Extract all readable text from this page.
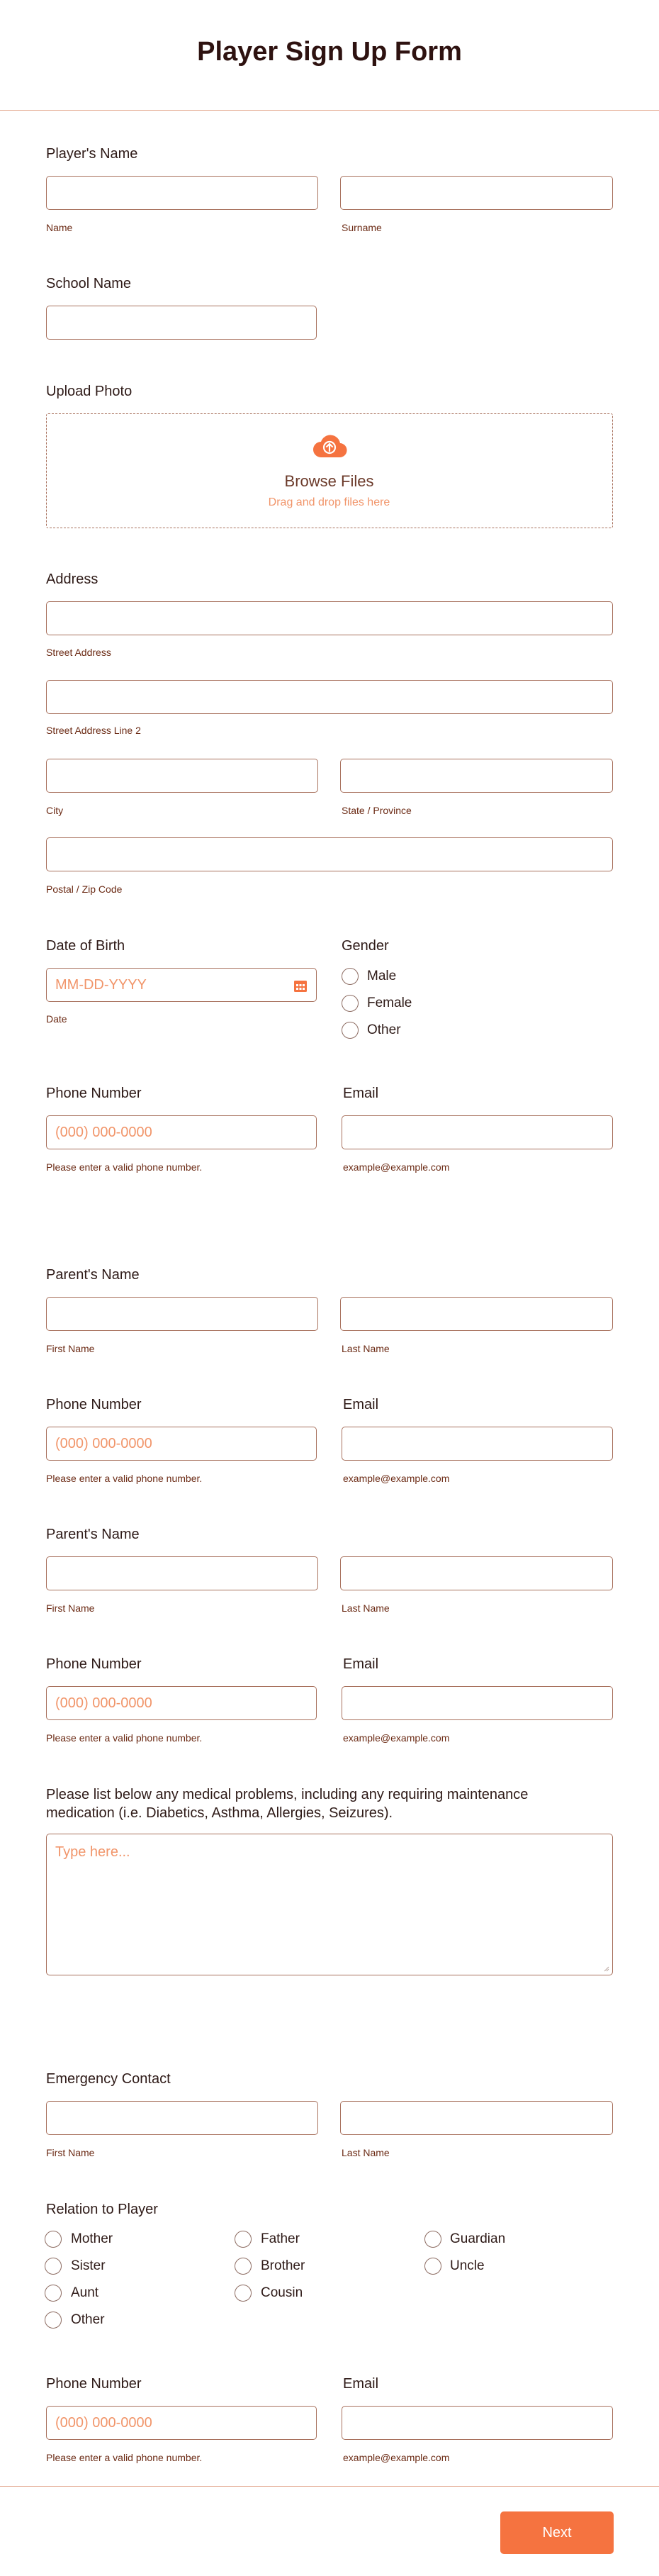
Player Sign Up Form
Player's Name
Name	Surname
School Name
Upload Photo
Browse Files
Drag and drop files here
Address
Street Address
Street Address Line 2
City	State / Province
Postal / Zip Code
Date of Birth
MM-DD-YYYY
Date
Gender
Male
Female
Other
Phone Number
(000) 000-0000
Please enter a valid phone number.
Email
example@example.com
Parent's Name
First Name	Last Name
Phone Number
(000) 000-0000
Please enter a valid phone number.
Email
example@example.com
Parent's Name
First Name	Last Name
Phone Number
(000) 000-0000
Please enter a valid phone number.
Email
example@example.com
Please list below any medical problems, including any requiring maintenance
medication (i.e. Diabetics, Asthma, Allergies, Seizures).
Type here...
Emergency Contact
First Name	Last Name
Relation to Player
Mother	Father	Guardian
Sister	Brother	Uncle
Aunt	Cousin
Other
Phone Number
(000) 000-0000
Please enter a valid phone number.
Email
example@example.com
Next
